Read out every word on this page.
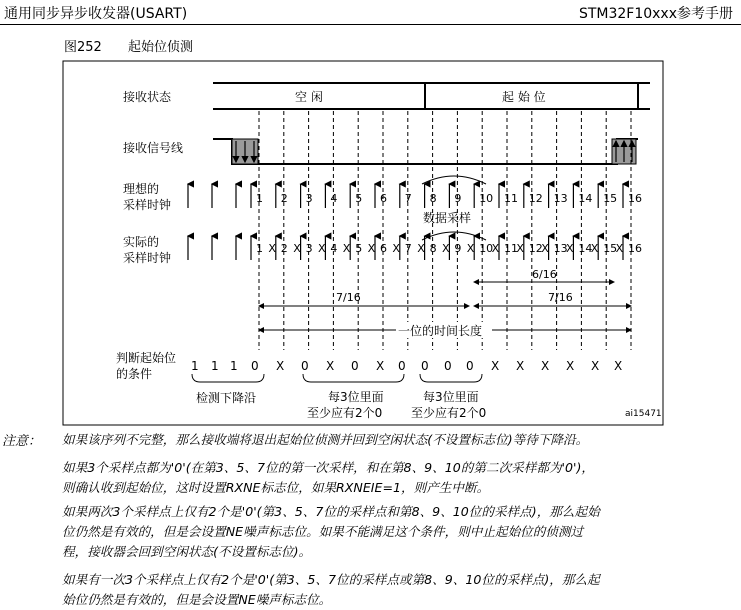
通用同步异步收发器(USART)	STM32F10xxx参考手册
图252 起始位侦测
接收状态	空 闲	起 始 位
接收信号线
理想的
采样时钟	1 2 3 4 5 6 7 8 9 10 11 12 13 14 15 16
数据采样
实际的
采样时钟
1 X 2 X 3 X 4 X 5 X 6 X 7 X 8 X 9 X 10
X 11
X 12
X 13
X 14
X 15
X 16
6/16
7/16	7/16
一位的时间长度
判断起始位
的条件
1 1 1 0 X 0 X 0 X 0 0 0 0 X X X X X X
检测下降沿	每3位里面
至少应有2个0
每3位里面
至少应有2个0	ai15471
注意： 如果该序列不完整，那么接收端将退出起始位侦测并回到空闲状态(不设置标志位)等待下降沿。
如果3个采样点都为'0'(在第3、5、7位的第一次采样，和在第8、9、10的第二次采样都为'0')，
则确认收到起始位，这时设置RXNE标志位，如果RXNEIE=1，则产生中断。
如果两次3个采样点上仅有2个是'0'(第3、5、7位的采样点和第8、9、10位的采样点)，那么起始
位仍然是有效的，但是会设置NE噪声标志位。如果不能满足这个条件，则中止起始位的侦测过
程，接收器会回到空闲状态(不设置标志位)。
如果有一次3个采样点上仅有2个是'0'(第3、5、7位的采样点或第8、9、10位的采样点)，那么起
始位仍然是有效的，但是会设置NE噪声标志位。
